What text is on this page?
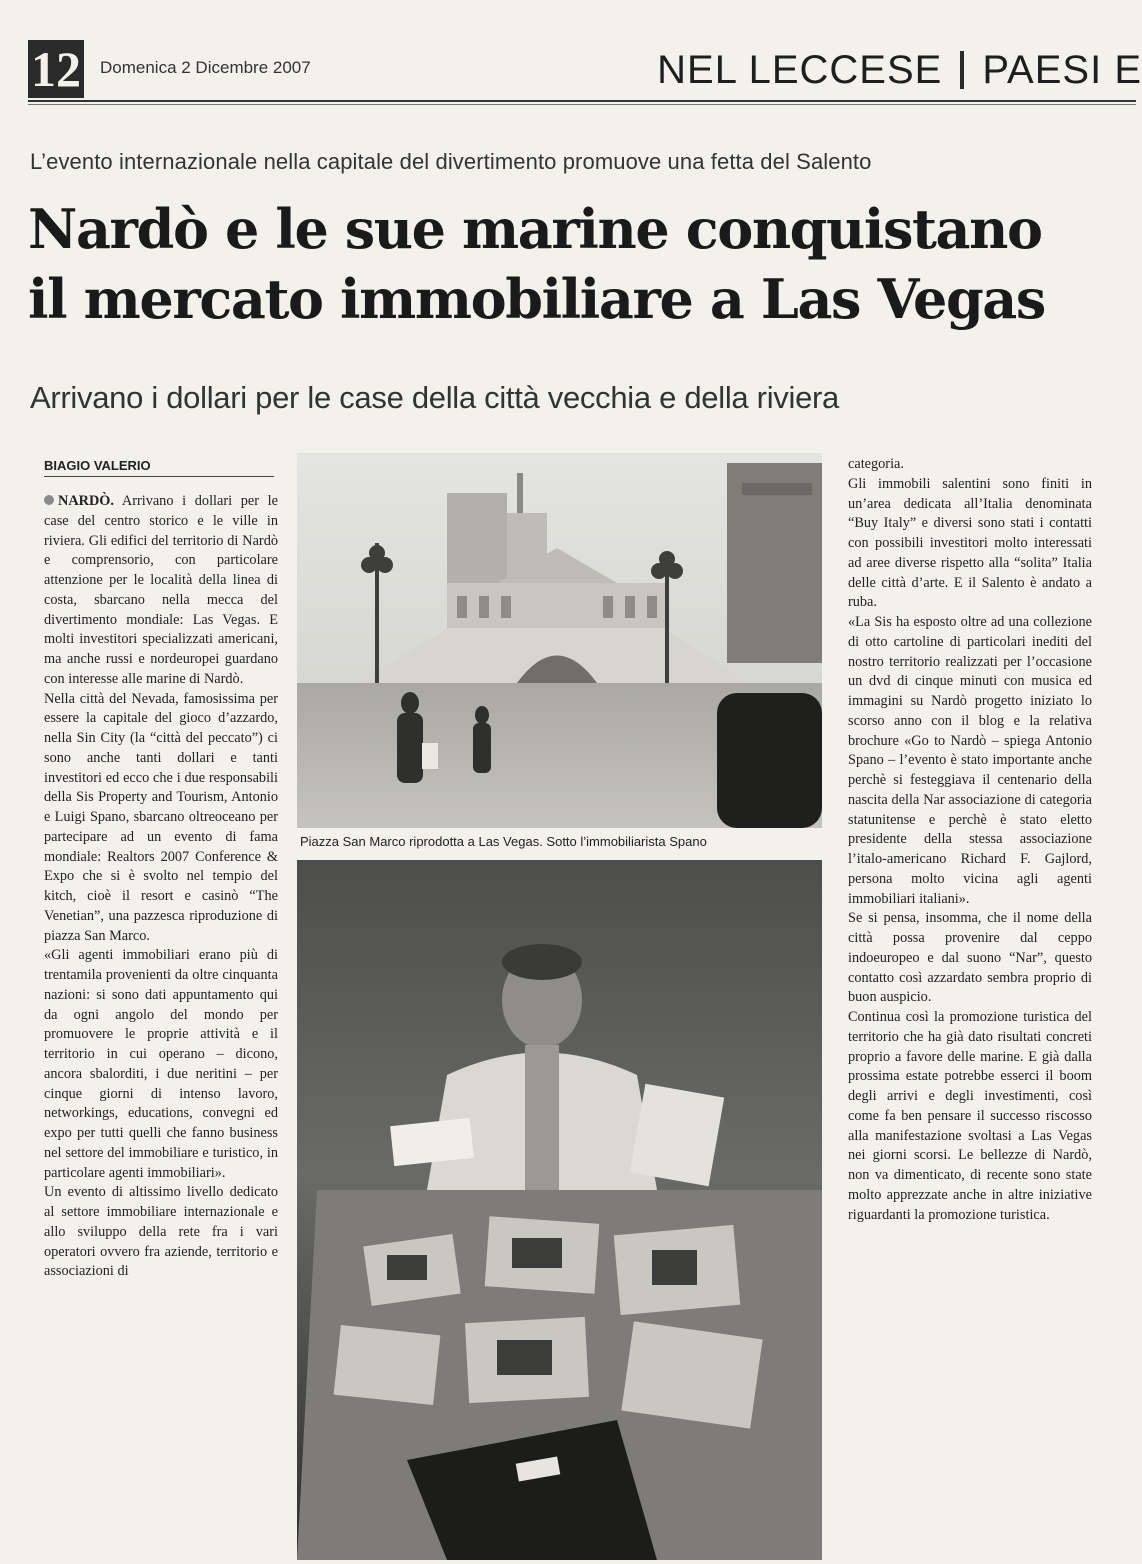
12 Domenica 2 Dicembre 2007	NEL LECCESE PAESI E
L’evento internazionale nella capitale del divertimento promuove una fetta del Salento
Nardò e le sue marine conquistano
il mercato immobiliare a Las Vegas
Arrivano i dollari per le case della città vecchia e della riviera
BIAGIO VALERIO
NARDÒ. Arrivano i dollari per le case del centro storico e le ville in riviera. Gli edifici del territorio di Nardò e comprensorio, con particolare attenzione per le località della linea di costa, sbarcano nella mecca del divertimento mondiale: Las Vegas. E molti investitori specializzati americani, ma anche russi e nordeuropei guardano con interesse alle marine di Nardò.
Nella città del Nevada, famosissima per essere la capitale del gioco d’azzardo, nella Sin City (la “città del peccato”) ci sono anche tanti dollari e tanti investitori ed ecco che i due responsabili della Sis Property and Tourism, Antonio e Luigi Spano, sbarcano oltreoceano per partecipare ad un evento di fama mondiale: Realtors 2007 Conference & Expo che si è svolto nel tempio del kitch, cioè il resort e casinò “The Venetian”, una pazzesca riproduzione di piazza San Marco.
«Gli agenti immobiliari erano più di trentamila provenienti da oltre cinquanta nazioni: si sono dati appuntamento qui da ogni angolo del mondo per promuovere le proprie attività e il territorio in cui operano – dicono, ancora sbalorditi, i due neritini – per cinque giorni di intenso lavoro, networkings, educations, convegni ed expo per tutti quelli che fanno business nel settore del immobiliare e turistico, in particolare agenti immobiliari».
Un evento di altissimo livello dedicato al settore immobiliare internazionale e allo sviluppo della rete fra i vari operatori ovvero fra aziende, territorio e associazioni di
Piazza San Marco riprodotta a Las Vegas. Sotto l’immobiliarista Spano
categoria.
Gli immobili salentini sono finiti in un’area dedicata all’Italia denominata “Buy Italy” e diversi sono stati i contatti con possibili investitori molto interessati ad aree diverse rispetto alla “solita” Italia delle città d’arte. E il Salento è andato a ruba.
«La Sis ha esposto oltre ad una collezione di otto cartoline di particolari inediti del nostro territorio realizzati per l’occasione un dvd di cinque minuti con musica ed immagini su Nardò progetto iniziato lo scorso anno con il blog e la relativa brochure «Go to Nardò – spiega Antonio Spano – l’evento è stato importante anche perchè si festeggiava il centenario della nascita della Nar associazione di categoria statunitense e perchè è stato eletto presidente della stessa associazione l’italo-americano Richard F. Gajlord, persona molto vicina agli agenti immobiliari italiani».
Se si pensa, insomma, che il nome della città possa provenire dal ceppo indoeuropeo e dal suono “Nar”, questo contatto così azzardato sembra proprio di buon auspicio.
Continua così la promozione turistica del territorio che ha già dato risultati concreti proprio a favore delle marine. E già dalla prossima estate potrebbe esserci il boom degli arrivi e degli investimenti, così come fa ben pensare il successo riscosso alla manifestazione svoltasi a Las Vegas nei giorni scorsi. Le bellezze di Nardò, non va dimenticato, di recente sono state molto apprezzate anche in altre iniziative riguardanti la promozione turistica.
